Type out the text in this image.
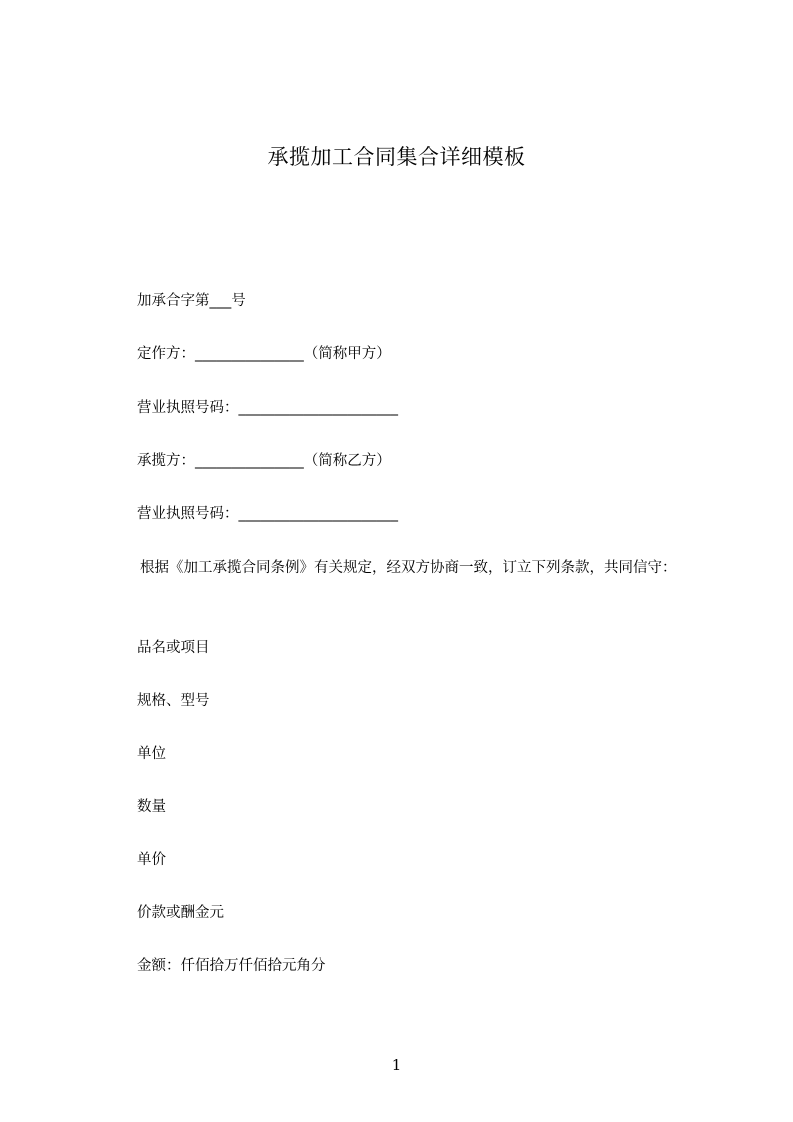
承揽加工合同集合详细模板
加承合字第___号
定作方：_______________（简称甲方）
营业执照号码：______________________
承揽方：_______________（简称乙方）
营业执照号码：______________________
根据《加工承揽合同条例》有关规定，经双方协商一致，订立下列条款，共同信守：
品名或项目
规格、型号
单位
数量
单价
价款或酬金元
金额：仟佰拾万仟佰拾元角分
1
